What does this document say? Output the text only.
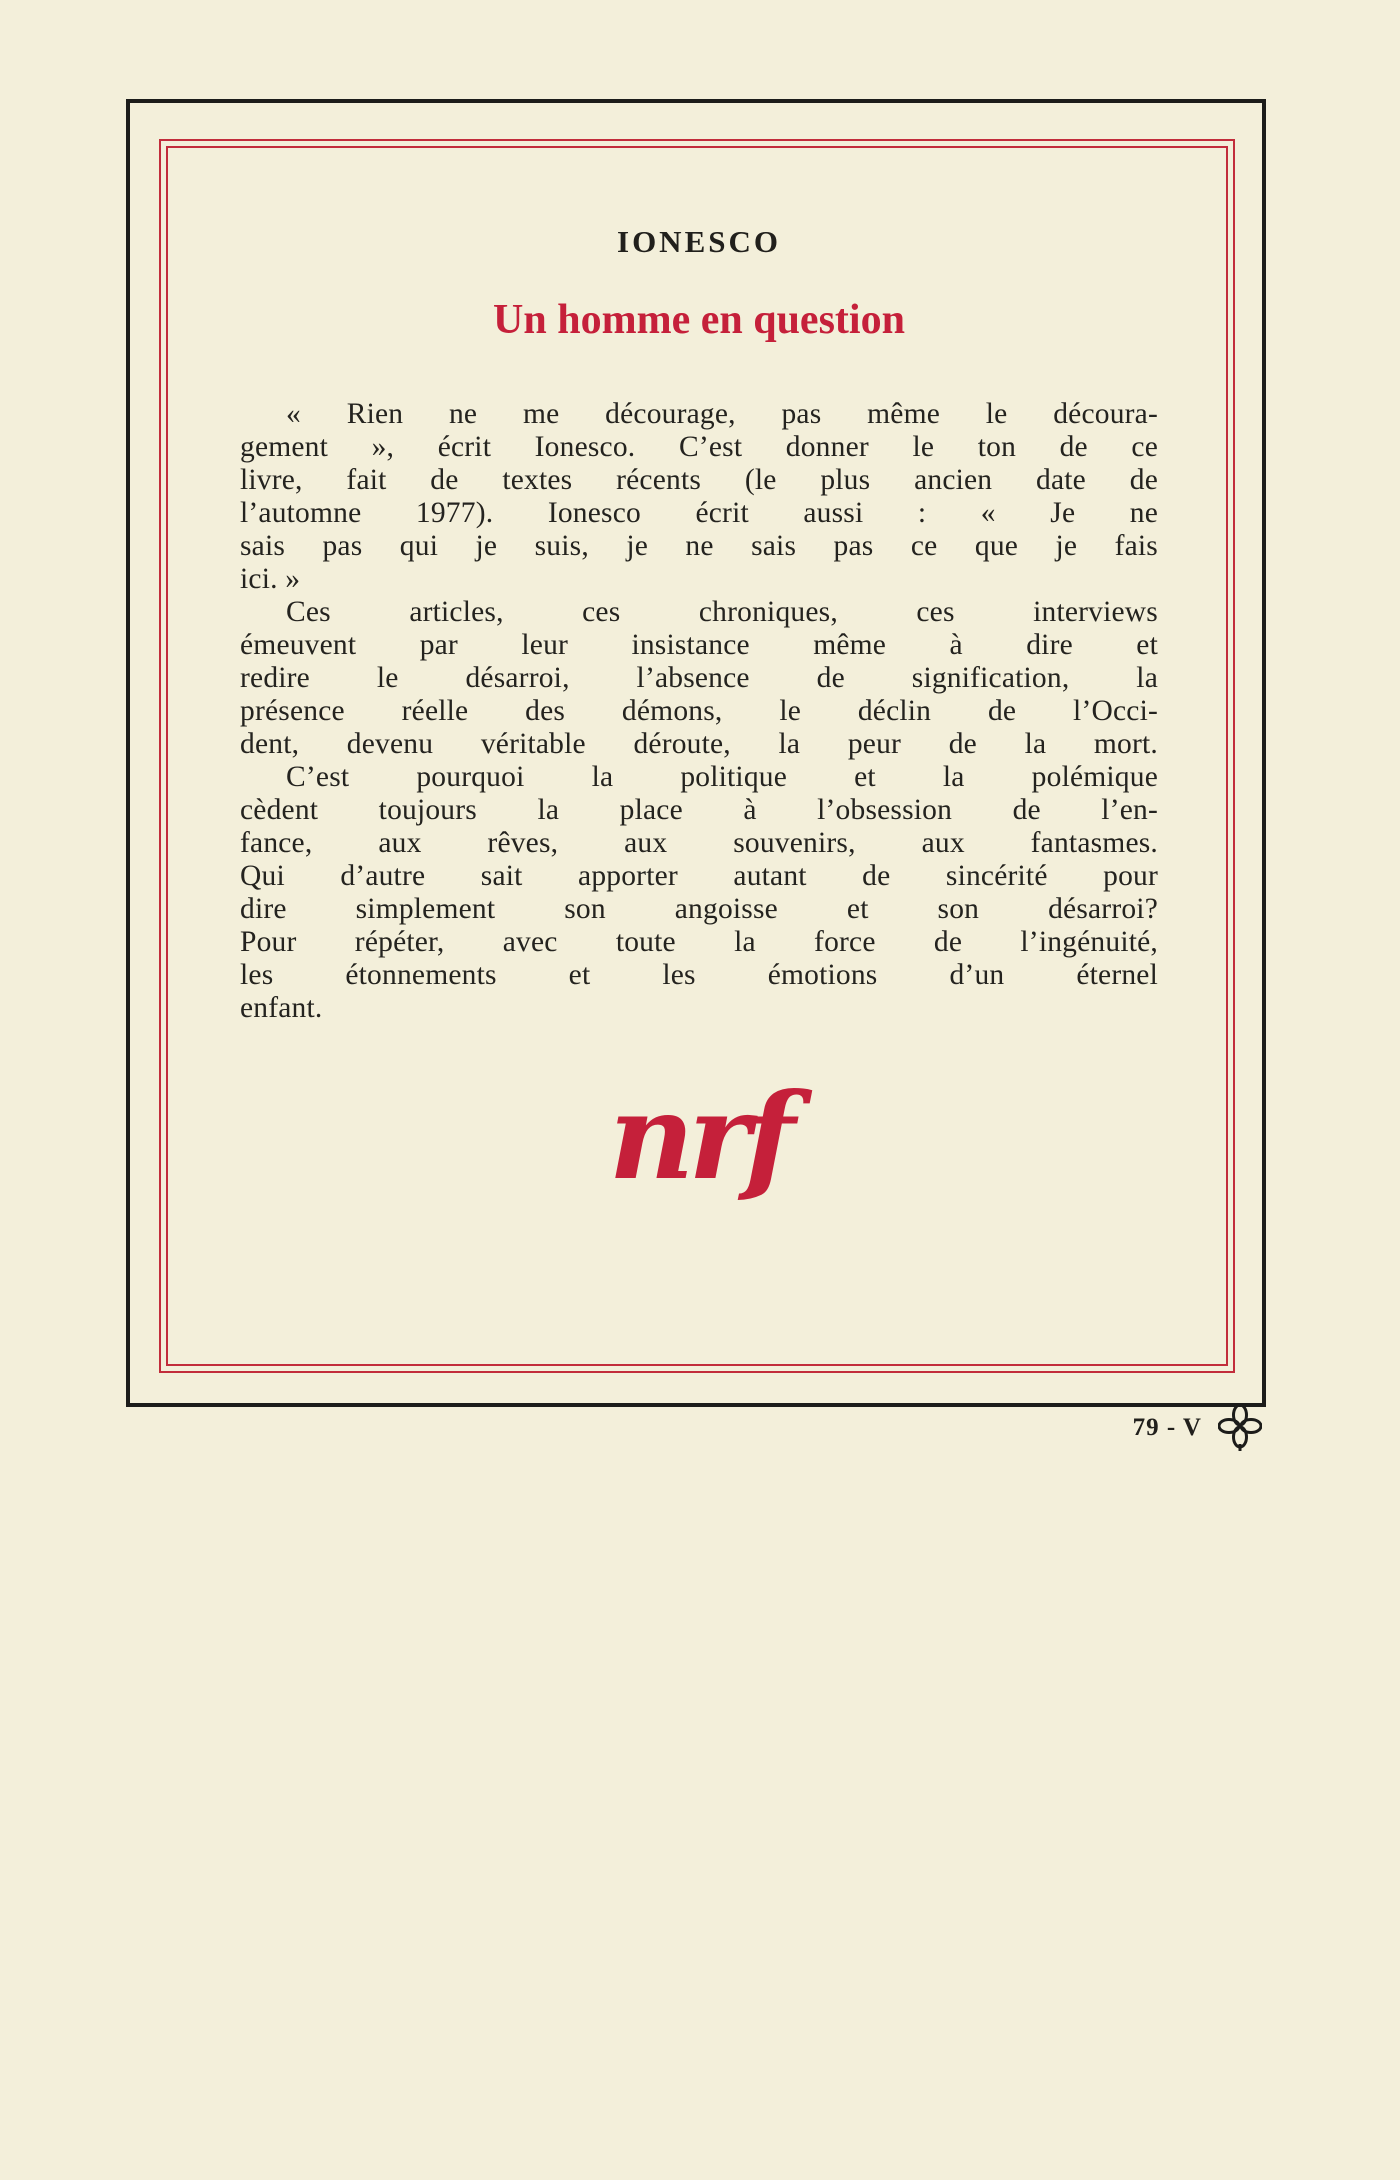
IONESCO
Un homme en question
« Rien ne me décourage, pas même le découra-
gement », écrit Ionesco. C’est donner le ton de ce
livre, fait de textes récents (le plus ancien date de
l’automne 1977). Ionesco écrit aussi : « Je ne
sais pas qui je suis, je ne sais pas ce que je fais
ici. »
Ces articles, ces chroniques, ces interviews
émeuvent par leur insistance même à dire et
redire le désarroi, l’absence de signification, la
présence réelle des démons, le déclin de l’Occi-
dent, devenu véritable déroute, la peur de la mort.
C’est pourquoi la politique et la polémique
cèdent toujours la place à l’obsession de l’en-
fance, aux rêves, aux souvenirs, aux fantasmes.
Qui d’autre sait apporter autant de sincérité pour
dire simplement son angoisse et son désarroi?
Pour répéter, avec toute la force de l’ingénuité,
les étonnements et les émotions d’un éternel
enfant.
nrf
79 - V
